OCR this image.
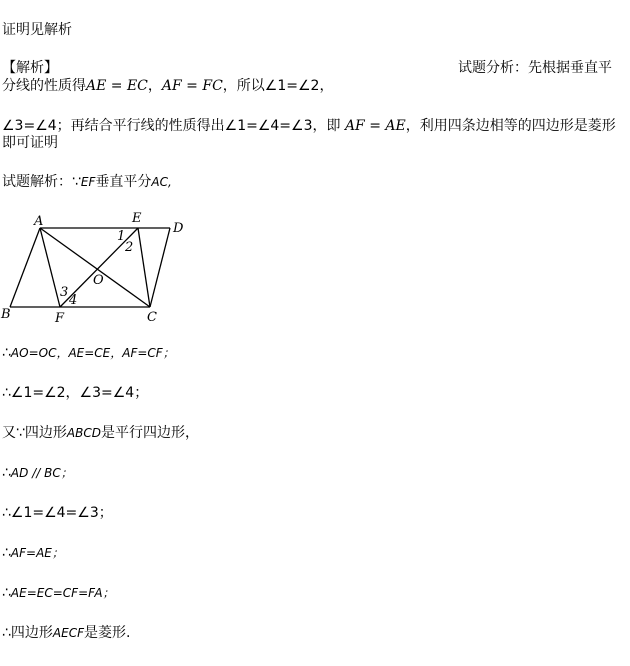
证明见解析
【解析】	试题分析：先根据垂直平
分线的性质得AE = EC，AF = FC，所以∠1=∠2，
∠3=∠4；再结合平行线的性质得出∠1=∠4=∠3，即 AF = AE，利用四条边相等的四边形是菱形
即可证明
试题解析：∵EF垂直平分AC,
A	E
D
B	F	C
O
1
2
3
4
∴AO=OC，AE=CE，AF=CF；
∴∠1=∠2，∠3=∠4；
又∵四边形ABCD是平行四边形，
∴AD // BC；
∴∠1=∠4=∠3；
∴AF=AE；
∴AE=EC=CF=FA；
∴四边形AECF是菱形.
